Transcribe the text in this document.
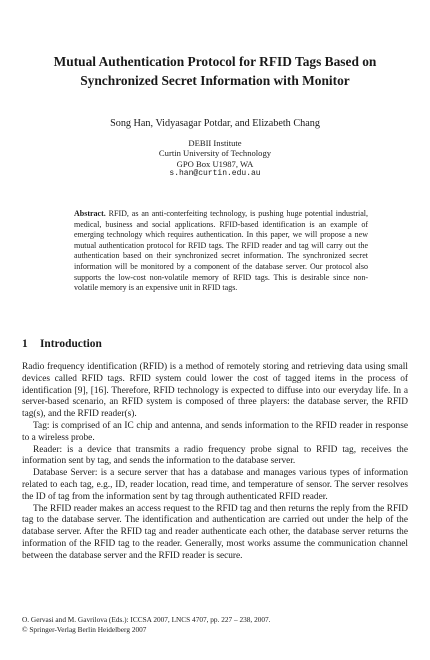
Mutual Authentication Protocol for RFID Tags Based on
Synchronized Secret Information with Monitor
Song Han, Vidyasagar Potdar, and Elizabeth Chang
DEBII Institute
Curtin University of Technology
GPO Box U1987, WA
s.han@curtin.edu.au
Abstract. RFID, as an anti-conterfeiting technology, is pushing huge potential industrial, medical, business and social applications. RFID-based identification is an example of emerging technology which requires authentication. In this paper, we will propose a new mutual authentication protocol for RFID tags. The RFID reader and tag will carry out the authentication based on their synchronized secret information. The synchronized secret information will be monitored by a component of the database server. Our protocol also supports the low-cost non-volatile memory of RFID tags. This is desirable since non-volatile memory is an expensive unit in RFID tags.
1 Introduction

Radio frequency identification (RFID) is a method of remotely storing and retrieving data using small devices called RFID tags. RFID system could lower the cost of tagged items in the process of identification [9], [16]. Therefore, RFID technology is expected to diffuse into our everyday life. In a server-based scenario, an RFID system is composed of three players: the database server, the RFID tag(s), and the RFID reader(s).

Tag: is comprised of an IC chip and antenna, and sends information to the RFID reader in response to a wireless probe.

Reader: is a device that transmits a radio frequency probe signal to RFID tag, receives the information sent by tag, and sends the information to the database server.

Database Server: is a secure server that has a database and manages various types of information related to each tag, e.g., ID, reader location, read time, and temperature of sensor. The server resolves the ID of tag from the information sent by tag through authenticated RFID reader.

The RFID reader makes an access request to the RFID tag and then returns the reply from the RFID tag to the database server. The identification and authentication are carried out under the help of the database server. After the RFID tag and reader authenticate each other, the database server returns the information of the RFID tag to the reader. Generally, most works assume the communication channel between the database server and the RFID reader is secure.

O. Gervasi and M. Gavrilova (Eds.): ICCSA 2007, LNCS 4707, pp. 227 – 238, 2007.
© Springer-Verlag Berlin Heidelberg 2007
